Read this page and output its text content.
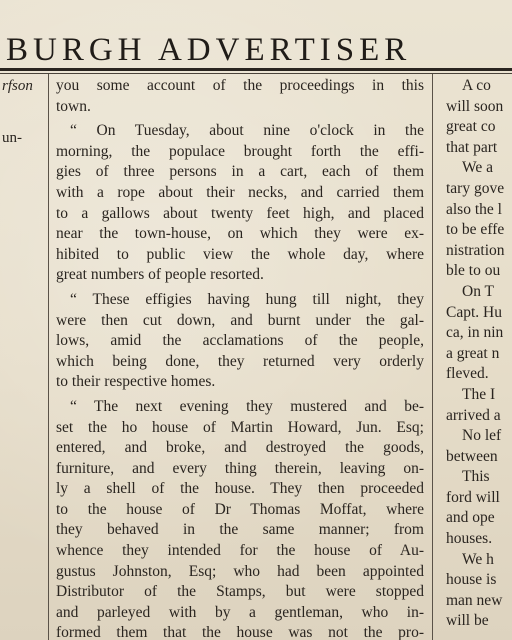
BURGH ADVERTISER
rfson
un-
you some account of the proceedings in this
town.
“ On Tuesday, about nine o'clock in the
morning, the populace brought forth the effi-
gies of three persons in a cart, each of them
with a rope about their necks, and carried them
to a gallows about twenty feet high, and placed
near the town-house, on which they were ex-
hibited to public view the whole day, where
great numbers of people resorted.
“ These effigies having hung till night, they
were then cut down, and burnt under the gal-
lows, amid the acclamations of the people,
which being done, they returned very orderly
to their respective homes.
“ The next evening they mustered and be-
set the ho house of Martin Howard, Jun. Esq;
entered, and broke, and destroyed the goods,
furniture, and every thing therein, leaving on-
ly a shell of the house. They then proceeded
to the house of Dr Thomas Moffat, where
they behaved in the same manner; from
whence they intended for the house of Au-
gustus Johnston, Esq; who had been appointed
Distributor of the Stamps, but were stopped
and parleyed with by a gentleman, who in-
formed them that the house was not the pro-
A co
will soon
great co
that part
We a
tary gove
also the l
to be effe
nistration
ble to ou
On T
Capt. Hu
ca, in nin
a great n
fleved.
The I
arrived a
No lef
between
This
ford will
and ope
houses.
We h
house is
man new
will be
